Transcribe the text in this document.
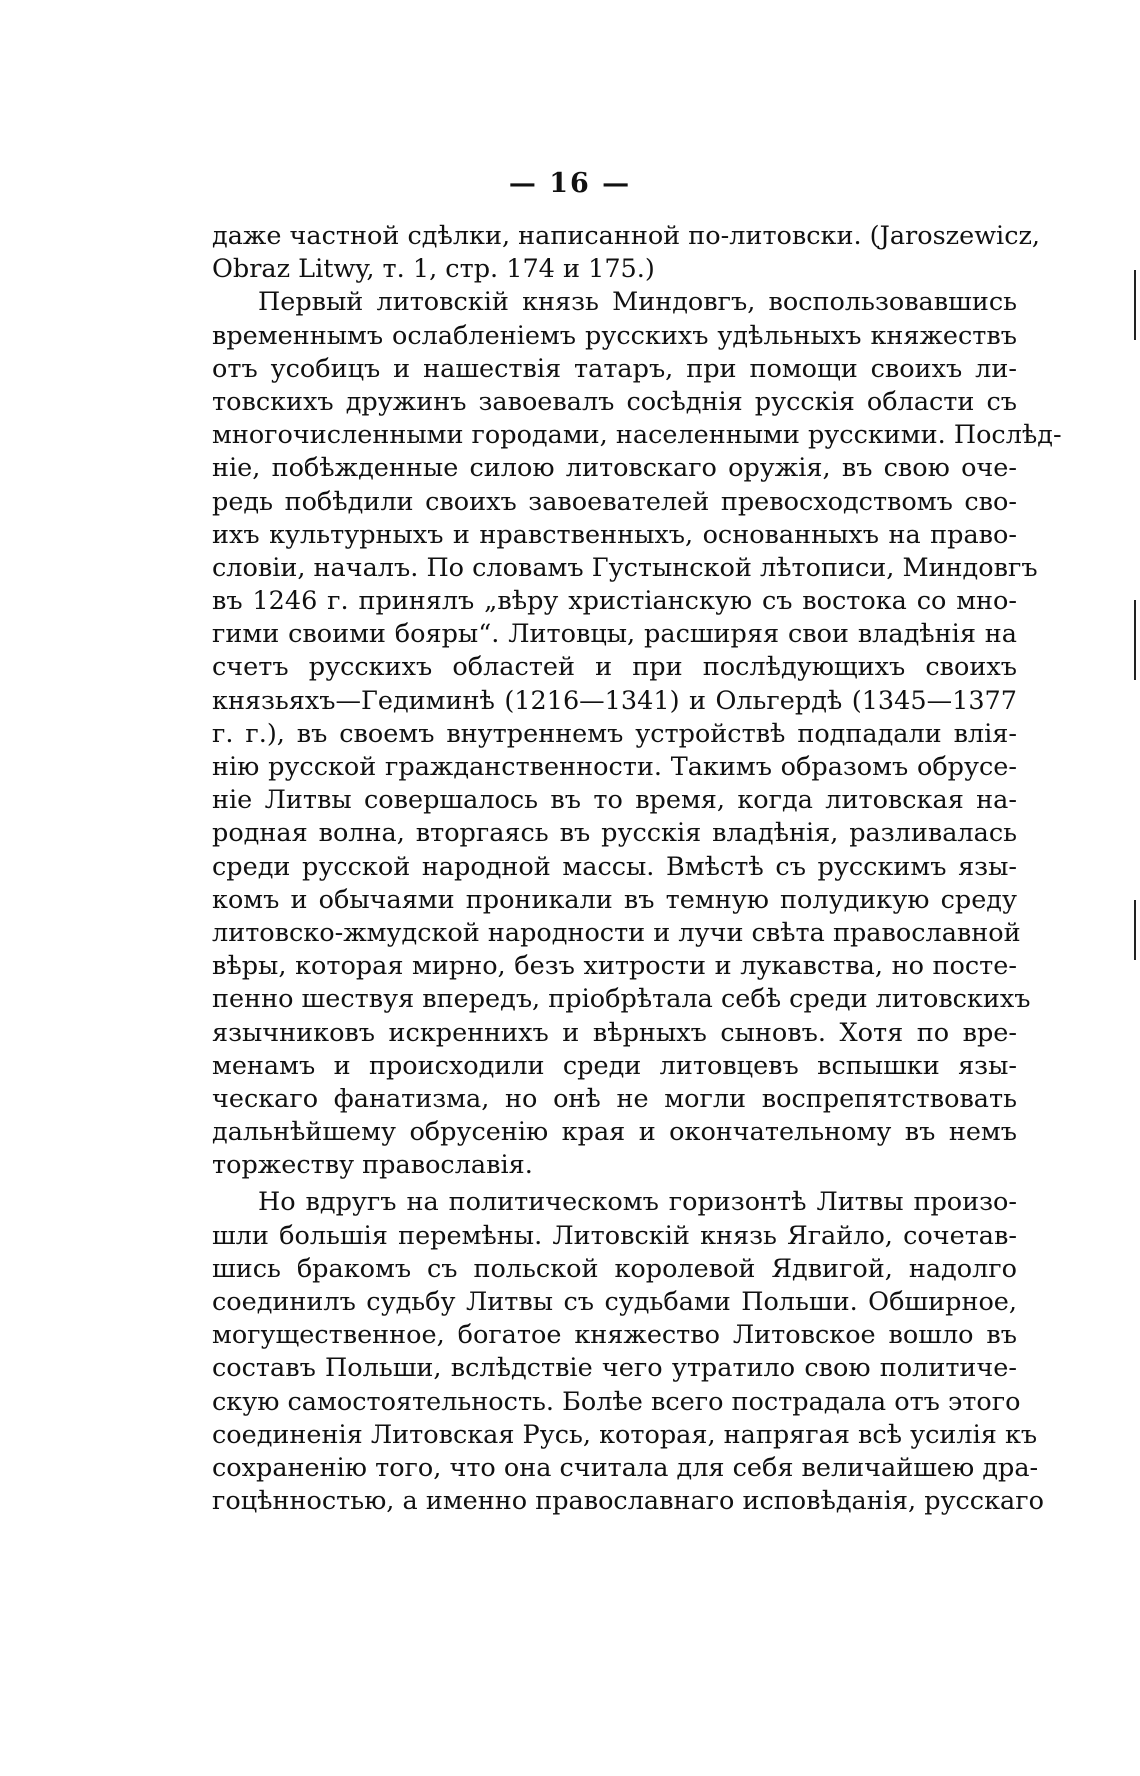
— 16 —
даже частной сдѣлки, написанной по-литовски. (Jaroszewicz,
Obraz Litwy, т. 1, стр. 174 и 175.)
Первый литовскій князь Миндовгъ, воспользовавшись
временнымъ ослабленіемъ русскихъ удѣльныхъ княжествъ
отъ усобицъ и нашествія татаръ, при помощи своихъ ли-
товскихъ дружинъ завоевалъ сосѣднія русскія области съ
многочисленными городами, населенными русскими. Послѣд-
ніе, побѣжденные силою литовскаго оружія, въ свою оче-
редь побѣдили своихъ завоевателей превосходствомъ сво-
ихъ культурныхъ и нравственныхъ, основанныхъ на право-
словіи, началъ. По словамъ Густынской лѣтописи, Миндовгъ
въ 1246 г. принялъ „вѣру христіанскую съ востока со мно-
гими своими бояры“. Литовцы, расширяя свои владѣнія на
счетъ русскихъ областей и при послѣдующихъ своихъ
князьяхъ—Гедиминѣ (1216—1341) и Ольгердѣ (1345—1377
г. г.), въ своемъ внутреннемъ устройствѣ подпадали влія-
нію русской гражданственности. Такимъ образомъ обрусе-
ніе Литвы совершалось въ то время, когда литовская на-
родная волна, вторгаясь въ русскія владѣнія, разливалась
среди русской народной массы. Вмѣстѣ съ русскимъ язы-
комъ и обычаями проникали въ темную полудикую среду
литовско-жмудской народности и лучи свѣта православной
вѣры, которая мирно, безъ хитрости и лукавства, но посте-
пенно шествуя впередъ, пріобрѣтала себѣ среди литовскихъ
язычниковъ искреннихъ и вѣрныхъ сыновъ. Хотя по вре-
менамъ и происходили среди литовцевъ вспышки язы-
ческаго фанатизма, но онѣ не могли воспрепятствовать
дальнѣйшему обрусенію края и окончательному въ немъ
торжеству православія.
Но вдругъ на политическомъ горизонтѣ Литвы произо-
шли большія перемѣны. Литовскій князь Ягайло, сочетав-
шись бракомъ съ польской королевой Ядвигой, надолго
соединилъ судьбу Литвы съ судьбами Польши. Обширное,
могущественное, богатое княжество Литовское вошло въ
составъ Польши, вслѣдствіе чего утратило свою политиче-
скую самостоятельность. Болѣе всего пострадала отъ этого
соединенія Литовская Русь, которая, напрягая всѣ усилія къ
сохраненію того, что она считала для себя величайшею дра-
гоцѣнностью, а именно православнаго исповѣданія, русскаго
